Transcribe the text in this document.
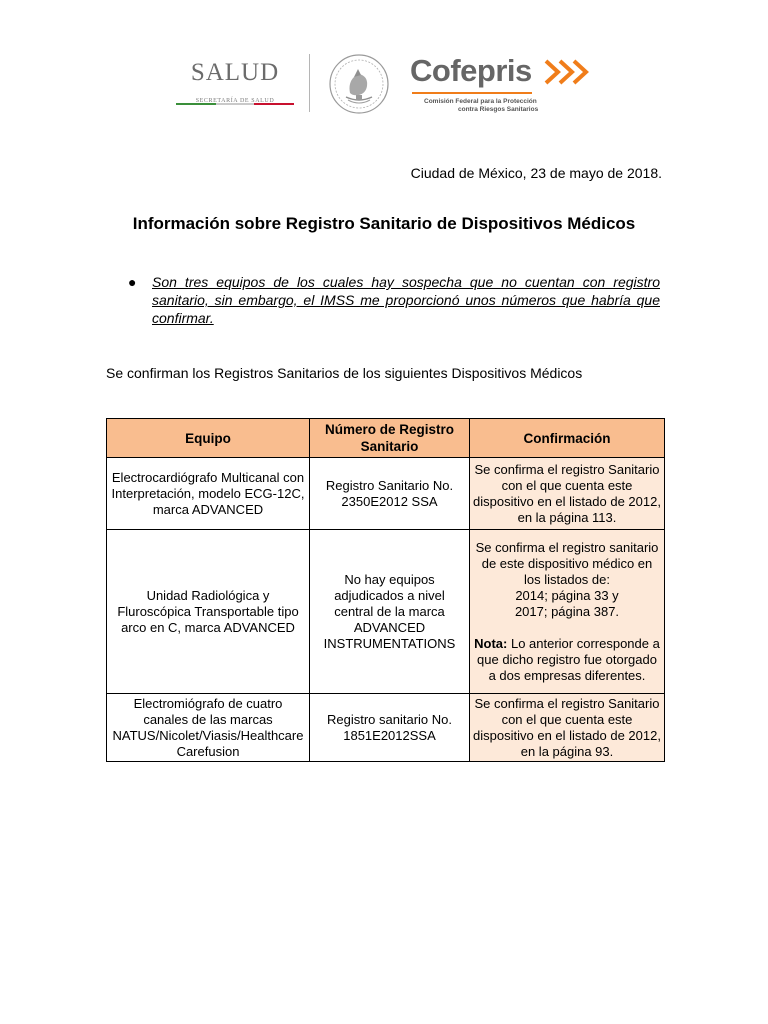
SALUD
SECRETARÍA DE SALUD
Cofepris
Comisión Federal para la Protección
contra Riesgos Sanitarios
Ciudad de México, 23 de mayo de 2018.
Información sobre Registro Sanitario de Dispositivos Médicos
● Son tres equipos de los cuales hay sospecha que no cuentan con registro sanitario, sin embargo, el IMSS me proporcionó unos números que habría que confirmar.
Se confirman los Registros Sanitarios de los siguientes Dispositivos Médicos
Equipo	Número de Registro Sanitario	Confirmación
Electrocardiógrafo Multicanal con Interpretación, modelo ECG-12C, marca ADVANCED	Registro Sanitario No. 2350E2012 SSA	Se confirma el registro Sanitario con el que cuenta este dispositivo en el listado de 2012, en la página 113.
Unidad Radiológica y Fluroscópica Transportable tipo arco en C, marca ADVANCED	No hay equipos adjudicados a nivel central de la marca ADVANCED INSTRUMENTATIONS	Se confirma el registro sanitario de este dispositivo médico en los listados de:
2014; página 33 y
2017; página 387.
Nota: Lo anterior corresponde a que dicho registro fue otorgado a dos empresas diferentes.

Electromiógrafo de cuatro canales de las marcas NATUS/Nicolet/Viasis/Healthcare Carefusion	Registro sanitario No. 1851E2012SSA	Se confirma el registro Sanitario con el que cuenta este dispositivo en el listado de 2012, en la página 93.
